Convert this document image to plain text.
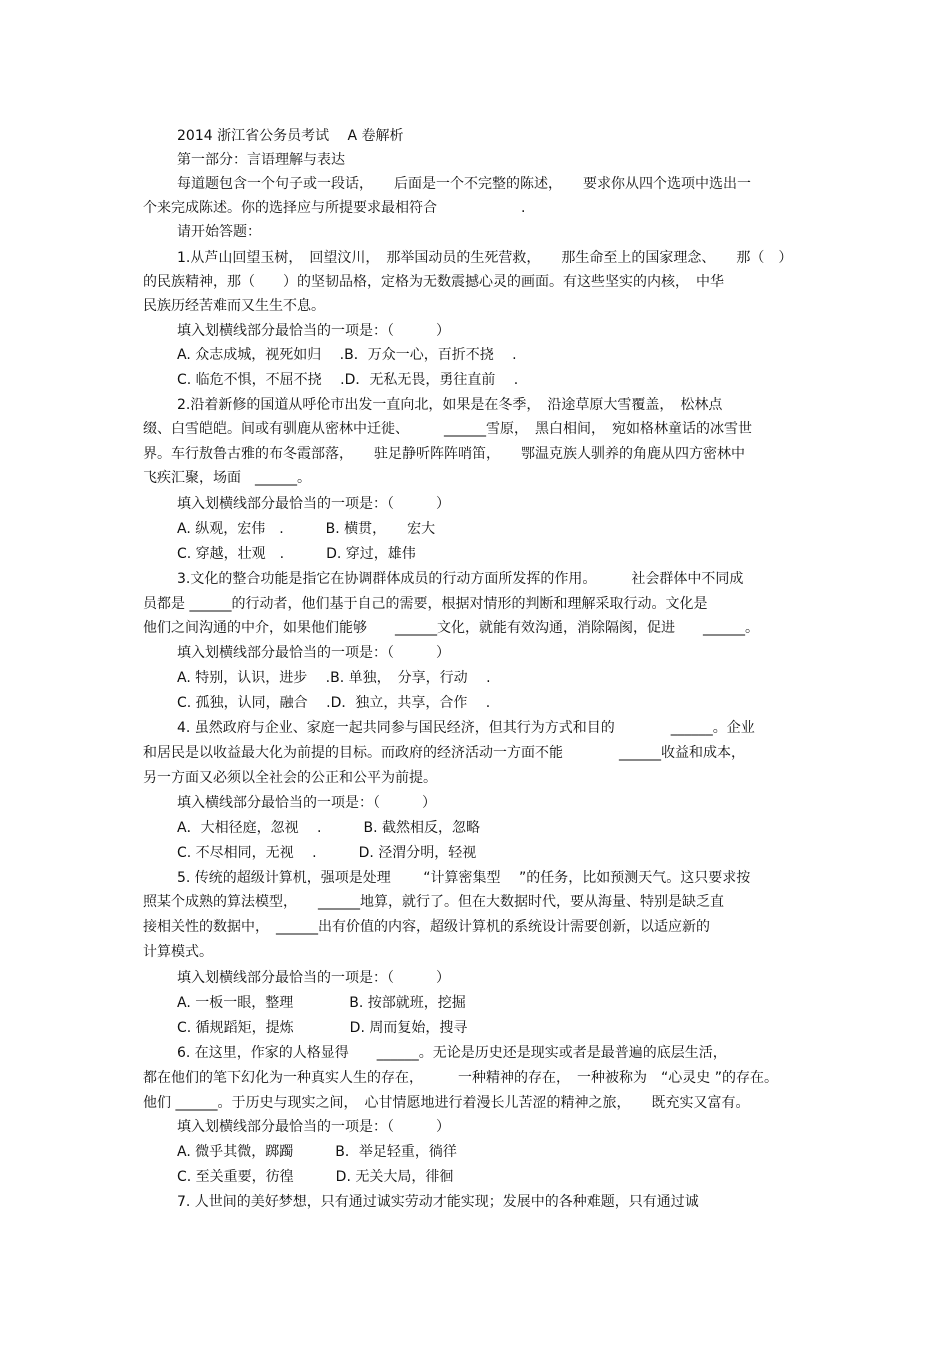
2014 浙江省公务员考试　 A 卷解析
第一部分：言语理解与表达
每道题包含一个句子或一段话，　　后面是一个不完整的陈述，　　要求你从四个选项中选出一
个来完成陈述。你的选择应与所提要求最相符合　　　　　　.
请开始答题：
1.从芦山回望玉树，　回望汶川，　那举国动员的生死营救，　　那生命至上的国家理念、　　那（　）
的民族精神，那（　　）的坚韧品格，定格为无数震撼心灵的画面。有这些坚实的内核，　中华
民族历经苦难而又生生不息。
填入划横线部分最恰当的一项是：（　　　）
A. 众志成城，视死如归　 .B．万众一心，百折不挠　 .
C. 临危不惧，不屈不挠　 .D．无私无畏，勇往直前　 .
2.沿着新修的国道从呼伦市出发一直向北，如果是在冬季，　沿途草原大雪覆盖，　松林点
缀、白雪皑皑。间或有驯鹿从密林中迁徙、　　　______雪原，　黑白相间，　宛如格林童话的冰雪世
界。车行敖鲁古雅的布冬霞部落，　　驻足静听阵阵哨笛，　　鄂温克族人驯养的角鹿从四方密林中
飞疾汇聚，场面　______。
填入划横线部分最恰当的一项是：（　　　）
A. 纵观，宏伟　.　　　B. 横贯，　　宏大
C. 穿越，壮观　.　　　D. 穿过，雄伟
3.文化的整合功能是指它在协调群体成员的行动方面所发挥的作用。　　　社会群体中不同成
员都是 ______的行动者，他们基于自己的需要，根据对情形的判断和理解采取行动。文化是
他们之间沟通的中介，如果他们能够　　______文化，就能有效沟通，消除隔阂，促进　　______。
填入划横线部分最恰当的一项是：（　　　）
A. 特别，认识，进步　 .B. 单独，　分享，行动　 .
C. 孤独，认同，融合　 .D．独立，共享，合作　 .
4. 虽然政府与企业、家庭一起共同参与国民经济，但其行为方式和目的　　　　______。企业
和居民是以收益最大化为前提的目标。而政府的经济活动一方面不能　　　　______收益和成本，
另一方面又必须以全社会的公正和公平为前提。
填入横线部分最恰当的一项是：（　　　）
A．大相径庭，忽视　 .　　　B. 截然相反，忽略
C. 不尽相同，无视　 .　　　D. 泾渭分明，轻视
5. 传统的超级计算机，强项是处理　　 “计算密集型　 ”的任务，比如预测天气。这只要求按
照某个成熟的算法模型，　　______地算，就行了。但在大数据时代，要从海量、特别是缺乏直
接相关性的数据中，　______出有价值的内容，超级计算机的系统设计需要创新，以适应新的
计算模式。
填入划横线部分最恰当的一项是：（　　　）
A. 一板一眼，整理　　　　B. 按部就班，挖掘
C. 循规蹈矩，提炼　　　　D. 周而复始，搜寻
6. 在这里，作家的人格显得　　______。无论是历史还是现实或者是最普遍的底层生活，
都在他们的笔下幻化为一种真实人生的存在，　　　一种精神的存在，　一种被称为　“心灵史 ”的存在。
他们 ______。于历史与现实之间，　心甘情愿地进行着漫长儿苦涩的精神之旅，　　既充实又富有。
填入划横线部分最恰当的一项是：（　　　）
A. 微乎其微，踯躅　　　B．举足轻重，徜徉
C. 至关重要，彷徨　　　D. 无关大局，徘徊
7. 人世间的美好梦想，只有通过诚实劳动才能实现；发展中的各种难题，只有通过诚
